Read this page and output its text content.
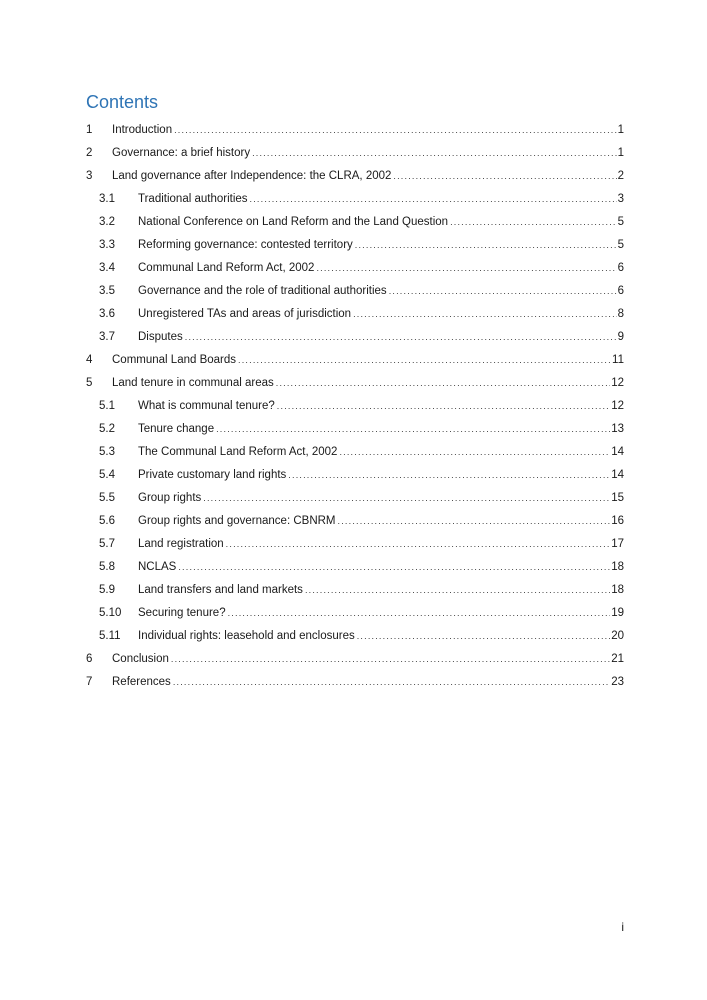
Contents
1	Introduction .....	1
2	Governance: a brief history .....	1
3	Land governance after Independence: the CLRA, 2002 .....	2
3.1	Traditional authorities .....	3
3.2	National Conference on Land Reform and the Land Question .....	5
3.3	Reforming governance: contested territory .....	5
3.4	Communal Land Reform Act, 2002 .....	6
3.5	Governance and the role of traditional authorities .....	6
3.6	Unregistered TAs and areas of jurisdiction .....	8
3.7	Disputes .....	9
4	Communal Land Boards .....	11
5	Land tenure in communal areas .....	12
5.1	What is communal tenure? .....	12
5.2	Tenure change .....	13
5.3	The Communal Land Reform Act, 2002 .....	14
5.4	Private customary land rights .....	14
5.5	Group rights .....	15
5.6	Group rights and governance: CBNRM .....	16
5.7	Land registration .....	17
5.8	NCLAS .....	18
5.9	Land transfers and land markets .....	18
5.10	Securing tenure? .....	19
5.11	Individual rights: leasehold and enclosures .....	20
6	Conclusion .....	21
7	References .....	23
i
